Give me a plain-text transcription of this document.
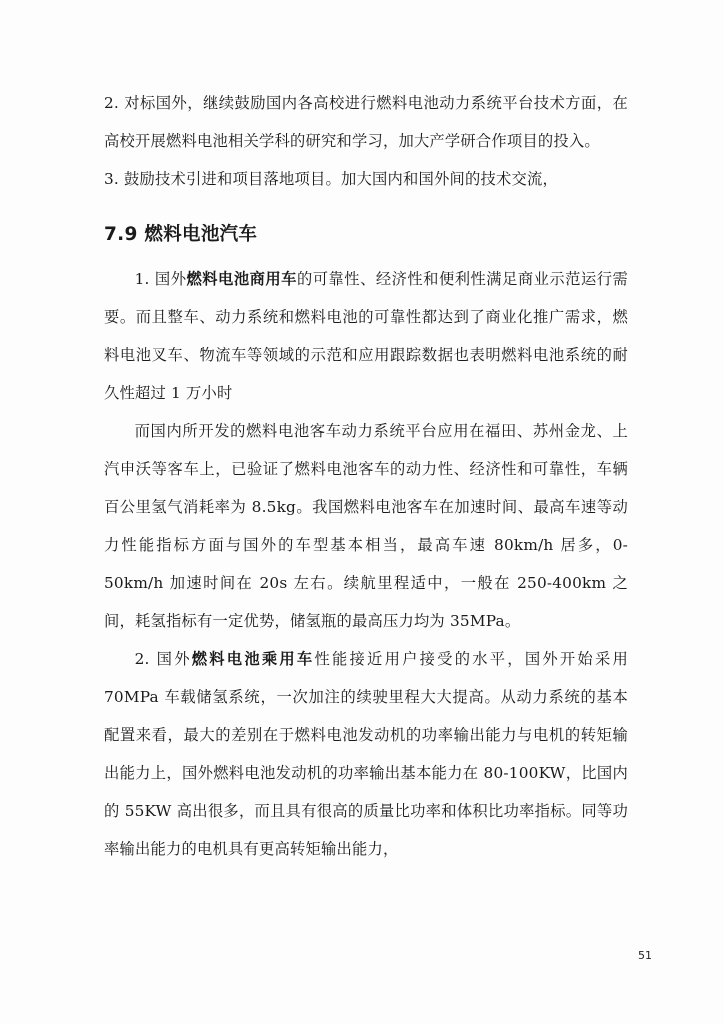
2. 对标国外，继续鼓励国内各高校进行燃料电池动力系统平台技术方面，在高校开展燃料电池相关学科的研究和学习，加大产学研合作项目的投入。

3. 鼓励技术引进和项目落地项目。加大国内和国外间的技术交流，

7.9 燃料电池汽车

1. 国外燃料电池商用车的可靠性、经济性和便利性满足商业示范运行需要。而且整车、动力系统和燃料电池的可靠性都达到了商业化推广需求，燃料电池叉车、物流车等领域的示范和应用跟踪数据也表明燃料电池系统的耐久性超过 1 万小时

而国内所开发的燃料电池客车动力系统平台应用在福田、苏州金龙、上汽申沃等客车上，已验证了燃料电池客车的动力性、经济性和可靠性，车辆百公里氢气消耗率为 8.5kg。我国燃料电池客车在加速时间、最高车速等动力性能指标方面与国外的车型基本相当，最高车速 80km/h 居多，0-50km/h 加速时间在 20s 左右。续航里程适中，一般在 250-400km 之间，耗氢指标有一定优势，储氢瓶的最高压力均为 35MPa。

2. 国外燃料电池乘用车性能接近用户接受的水平，国外开始采用 70MPa 车载储氢系统，一次加注的续驶里程大大提高。从动力系统的基本配置来看，最大的差别在于燃料电池发动机的功率输出能力与电机的转矩输出能力上，国外燃料电池发动机的功率输出基本能力在 80-100KW，比国内的 55KW 高出很多，而且具有很高的质量比功率和体积比功率指标。同等功率输出能力的电机具有更高转矩输出能力，

51
